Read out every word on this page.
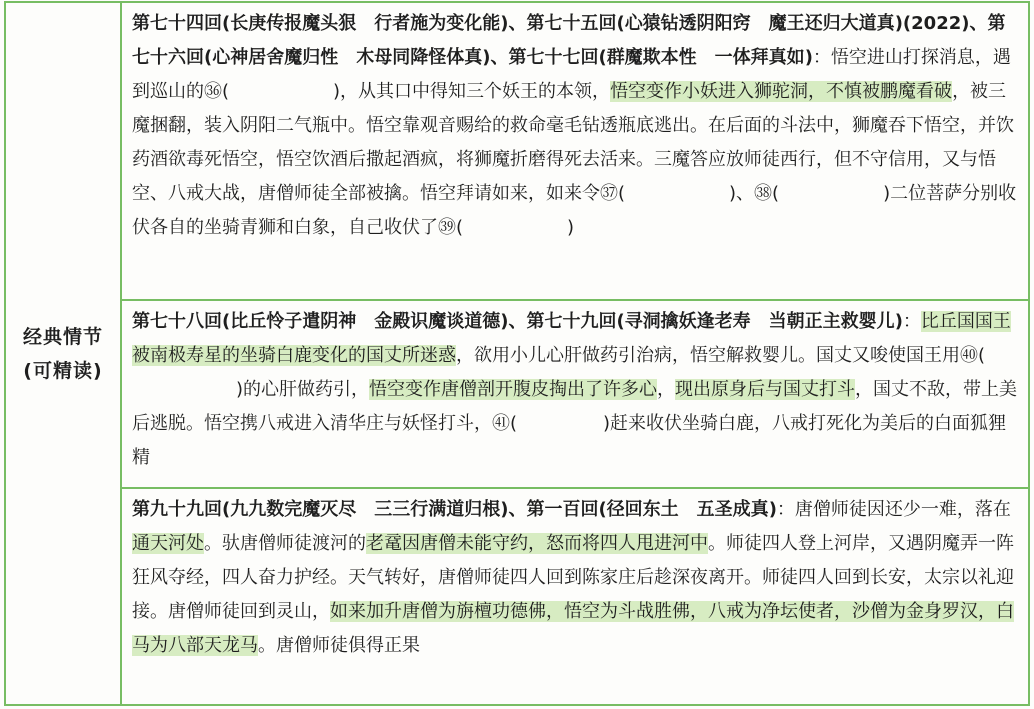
经典情节
(可精读)
第七十四回(长庚传报魔头狠　行者施为变化能)、第七十五回(心猿钻透阴阳窍　魔王还归大道真)(2022)、第七十六回(心神居舍魔归性　木母同降怪体真)、第七十七回(群魔欺本性　一体拜真如)：悟空进山打探消息，遇到巡山的㊱(	)，从其口中得知三个妖王的本领，悟空变作小妖进入狮驼洞，不慎被鹏魔看破，被三魔捆翻，装入阴阳二气瓶中。悟空靠观音赐给的救命毫毛钻透瓶底逃出。在后面的斗法中，狮魔吞下悟空，并饮药酒欲毒死悟空，悟空饮酒后撒起酒疯，将狮魔折磨得死去活来。三魔答应放师徒西行，但不守信用，又与悟空、八戒大战，唐僧师徒全部被擒。悟空拜请如来，如来令㊲(	)、㊳(	)二位菩萨分别收伏各自的坐骑青狮和白象，自己收伏了㊴(	)
第七十八回(比丘怜子遣阴神　金殿识魔谈道德)、第七十九回(寻洞擒妖逢老寿　当朝正主救婴儿)：比丘国国王被南极寿星的坐骑白鹿变化的国丈所迷惑，欲用小儿心肝做药引治病，悟空解救婴儿。国丈又唆使国王用㊵()的心肝做药引，悟空变作唐僧剖开腹皮掏出了许多心，现出原身后与国丈打斗，国丈不敌，带上美后逃脱。悟空携八戒进入清华庄与妖怪打斗，㊶(	)赶来收伏坐骑白鹿，八戒打死化为美后的白面狐狸精
第九十九回(九九数完魔灭尽　三三行满道归根)、第一百回(径回东土　五圣成真)：唐僧师徒因还少一难，落在通天河处。驮唐僧师徒渡河的老鼋因唐僧未能守约，怒而将四人甩进河中。师徒四人登上河岸，又遇阴魔弄一阵狂风夺经，四人奋力护经。天气转好，唐僧师徒四人回到陈家庄后趁深夜离开。师徒四人回到长安，太宗以礼迎接。唐僧师徒回到灵山，如来加升唐僧为旃檀功德佛，悟空为斗战胜佛，八戒为净坛使者，沙僧为金身罗汉，白马为八部天龙马。唐僧师徒俱得正果
